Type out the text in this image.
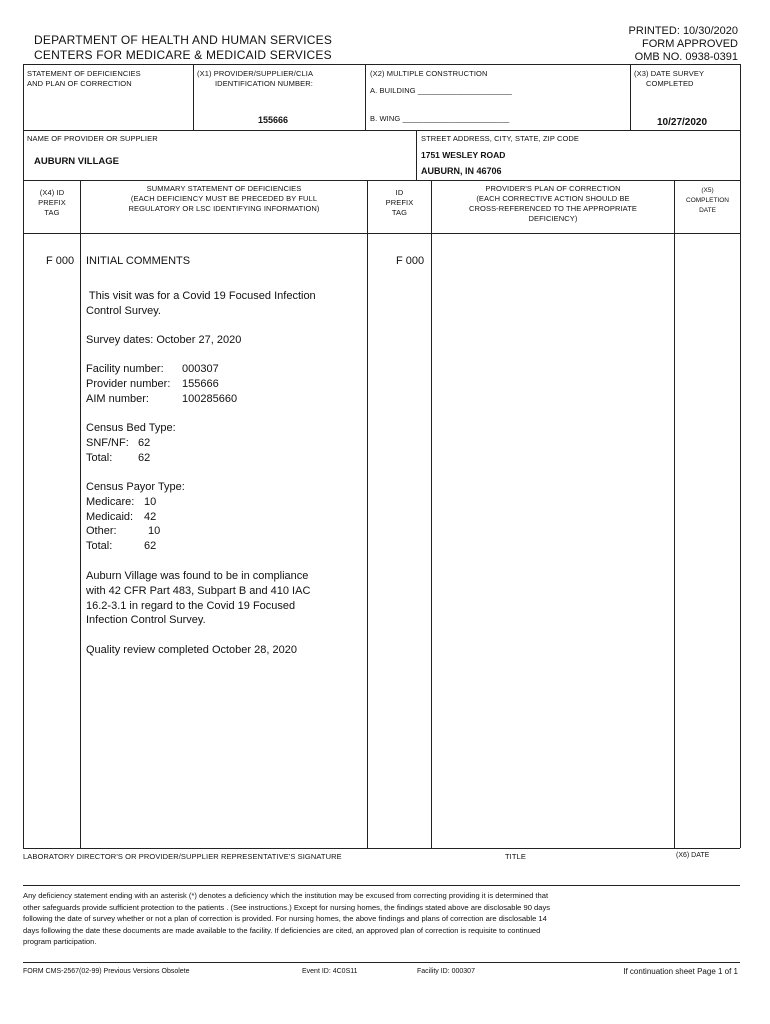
DEPARTMENT OF HEALTH AND HUMAN SERVICES
CENTERS FOR MEDICARE & MEDICAID SERVICES
PRINTED: 10/30/2020
FORM APPROVED
OMB NO. 0938-0391
STATEMENT OF DEFICIENCIES
AND PLAN OF CORRECTION
(X1) PROVIDER/SUPPLIER/CLIA
IDENTIFICATION NUMBER:
155666
(X2) MULTIPLE CONSTRUCTION
A. BUILDING ______________________
B. WING _________________________
(X3) DATE SURVEY
COMPLETED
10/27/2020
NAME OF PROVIDER OR SUPPLIER
AUBURN VILLAGE
STREET ADDRESS, CITY, STATE, ZIP CODE
1751 WESLEY ROAD
AUBURN, IN 46706
(X4) ID
PREFIX
TAG
SUMMARY STATEMENT OF DEFICIENCIES
(EACH DEFICIENCY MUST BE PRECEDED BY FULL
REGULATORY OR LSC IDENTIFYING INFORMATION)
ID
PREFIX
TAG
PROVIDER'S PLAN OF CORRECTION
(EACH CORRECTIVE ACTION SHOULD BE
CROSS-REFERENCED TO THE APPROPRIATE
DEFICIENCY)
(X5)
COMPLETION
DATE
F 000	F 000
INITIAL COMMENTS
This visit was for a Covid 19 Focused Infection
Control Survey.
Survey dates: October 27, 2020
Facility number:	000307
Provider number:	155666
AIM number:	100285660
Census Bed Type:
SNF/NF: 62
Total:	62
Census Payor Type:
Medicare: 10
Medicaid: 42
Other:	10
Total:	62
Auburn Village was found to be in compliance
with 42 CFR Part 483, Subpart B and 410 IAC
16.2-3.1 in regard to the Covid 19 Focused
Infection Control Survey.
Quality review completed October 28, 2020
LABORATORY DIRECTOR'S OR PROVIDER/SUPPLIER REPRESENTATIVE'S SIGNATURE	TITLE	(X6) DATE
Any deficiency statement ending with an asterisk (*) denotes a deficiency which the institution may be excused from correcting providing it is determined that
other safeguards provide sufficient protection to the patients . (See instructions.) Except for nursing homes, the findings stated above are disclosable 90 days
following the date of survey whether or not a plan of correction is provided. For nursing homes, the above findings and plans of correction are disclosable 14
days following the date these documents are made available to the facility. If deficiencies are cited, an approved plan of correction is requisite to continued
program participation.
FORM CMS-2567(02-99) Previous Versions Obsolete	Event ID: 4C0S11	Facility ID: 000307	If continuation sheet Page 1 of 1
